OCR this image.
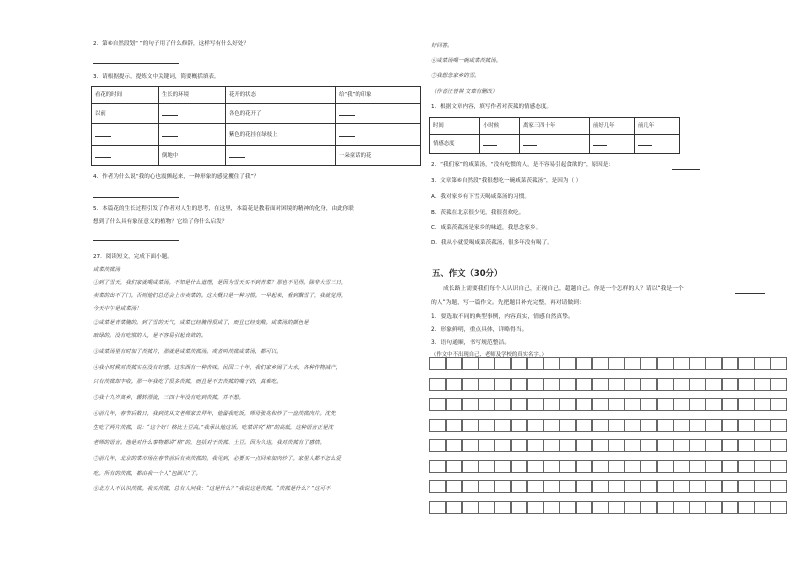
2．第⑥自然段划“ ”的句子用了什么修辞，这样写有什么好处？
3．请根据提示，提炼文中关键词，简要概括填表。
看花的时间	生长的环境	花开的状态	给“我”的印象
以前		各色的花开了	
		紫色的花挂在绿枝上	
	倒地中		一朵童话的花
4．作者为什么说“我的心也震颤起来，一种形象的感觉攫住了我”？
5．本篇花的生长过程引发了作者对人生的思考，在这里，本篇花是教着面对困境的精神的化身，由此你联
想到了什么具有象征意义的植物？它给了你什么启发？
27．阅读短文，完成下面小题。
咸菜茨菰汤
①到了雪天，我们家就喝咸菜汤。不知是什么道理，是因为雪天买不到青菜？那也不见得。除非大雪三日，
卖菜的出不了门。否则他们总还会上市卖菜的。这大概只是一种习惯。一早起来，看到飘雪了，我就觉得，
今天中午是咸菜汤！
②咸菜是青菜腌的。到了雪的天气，咸菜已经腌得很咸了，而且已经变酸。咸菜汤的颜色是
暗绿的。没有吃惯的人，是不容易引起食欲的。
③咸菜汤里有时加了茨菰片，那就是咸菜茨菰汤。或者叫茨菰咸菜汤，都可以。
④我小时候对茨菰实在没有好感。这东西有一种苦味。民国二十年，我们家乡闹了大水，各种作物减产，
只有茨菰却丰收。那一年我吃了很多茨菰，而且是不去茨菰的嘴子的，真难吃。
⑤我十九岁离乡，辗转漂流，三四十年没有吃到茨菰，并不想。
⑥前几年，春节后数日，我到沈从文老师家去拜年，他留我吃饭，师母张兆和炒了一盘茨菰肉片。沈先
生吃了两片茨菰，说：“这个好！格比土豆高。”我承认他这话。吃菜讲究“格”的高低，这种语言正是沈
老师的语言。他是对什么事物都讲“格”的，包括对于茨菰、土豆。因为久违，我对茨菰有了感情。
⑦前几年，北京的菜市场在春节前后有卖茨菰的。我见到，必要买一点回来加肉炒了。家里人都不怎么爱
吃。所有的茨菰，都由我一个人“包圆儿”了。
⑧北方人不认识茨菰。我买茨菰，总有人问我：“这是什么？”我说这是茨菰。“茨菰是什么？”这可不
好回答。
⑥咸菜汤喝一碗咸菜茨菰汤。
⑦我想念家乡的雪。
（作者汪曾祺 文章有删改）
1．根据文章内容，填写作者对茨菰的情感态度。
时间	小时候	离家三四十年	前好几年	前几年
情感态度				
2．“我们家”的咸菜汤，“没有吃惯的人，是不容易引起食欲的”，原因是：
3．文章第⑥自然段“我很想吃一碗咸菜茨菰汤”，是因为（ ）
A．我对家乡有下雪天喝咸菜汤的习惯。
B．茨菰在北京很少见，我很喜欢吃。
C．咸菜茨菰汤是家乡的味道，我思念家乡。
D．我从小就爱喝咸菜茨菰汤，很多年没有喝了。
五、作文（30分）
成长路上需要我们每个人认识自己，正视自己，超越自己。你是一个怎样的人？请以“我是一个
的人”为题，写一篇作文。先把题目补充完整，再对请做到：
1．要选取不同的典型事例，内容真实，情感自然真挚。
2．形象鲜明，重点具体，详略得当。
3．语句通顺，书写规范整洁。
（作文中不出现自己、老师及学校的真实名字。）
